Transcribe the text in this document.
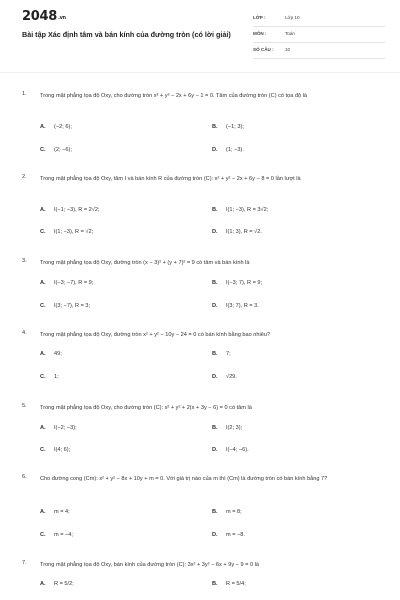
2048.vn
Bài tập Xác định tâm và bán kính của đường tròn (có lời giải)
LỚP :	Lớp 10
MÔN :	Toán
SỐ CÂU : 10
1. Trong mặt phẳng tọa độ Oxy, cho đường tròn x² + y² − 2x + 6y − 1 = 0. Tâm của đường tròn (C) có tọa độ là
A. (−2; 6);	B. (−1; 3);
C. (2; −6);	D. (1; −3).
2. Trong mặt phẳng tọa độ Oxy, tâm I và bán kính R của đường tròn (C): x² + y² − 2x + 6y − 8 = 0 lần lượt là
A. I(−1; −3), R = 2√2;	B. I(1; −3), R = 3√2;
C. I(1; −3), R = √2;	D. I(1; 3), R = √2.
3. Trong mặt phẳng tọa độ Oxy, đường tròn (x − 3)² + (y + 7)² = 9 có tâm và bán kính là
A. I(−3; −7), R = 9;	B. I(−3; 7), R = 9;
C. I(3; −7), R = 3;	D. I(3; 7), R = 3.
4. Trong mặt phẳng tọa độ Oxy, đường tròn x² + y² − 10y − 24 = 0 có bán kính bằng bao nhiêu?
A. 49;	B. 7;
C. 1;	D. √29.
5. Trong mặt phẳng tọa độ Oxy, cho đường tròn (C): x² + y² + 2(x + 3y − 6) = 0 có tâm là
A. I(−2; −3);	B. I(2; 3);
C. I(4; 6);	D. I(−4; −6).
6. Cho đường cong (Cm): x² + y² − 8x + 10y + m = 0. Với giá trị nào của m thì (Cm) là đường tròn có bán kính bằng 7?
A. m = 4;	B. m = 8;
C. m = −4;	D. m = −8.
7. Trong mặt phẳng tọa độ Oxy, bán kính của đường tròn (C): 3x² + 3y² − 6x + 9y − 9 = 0 là
A. R = 5/2;	B. R = 5/4;
